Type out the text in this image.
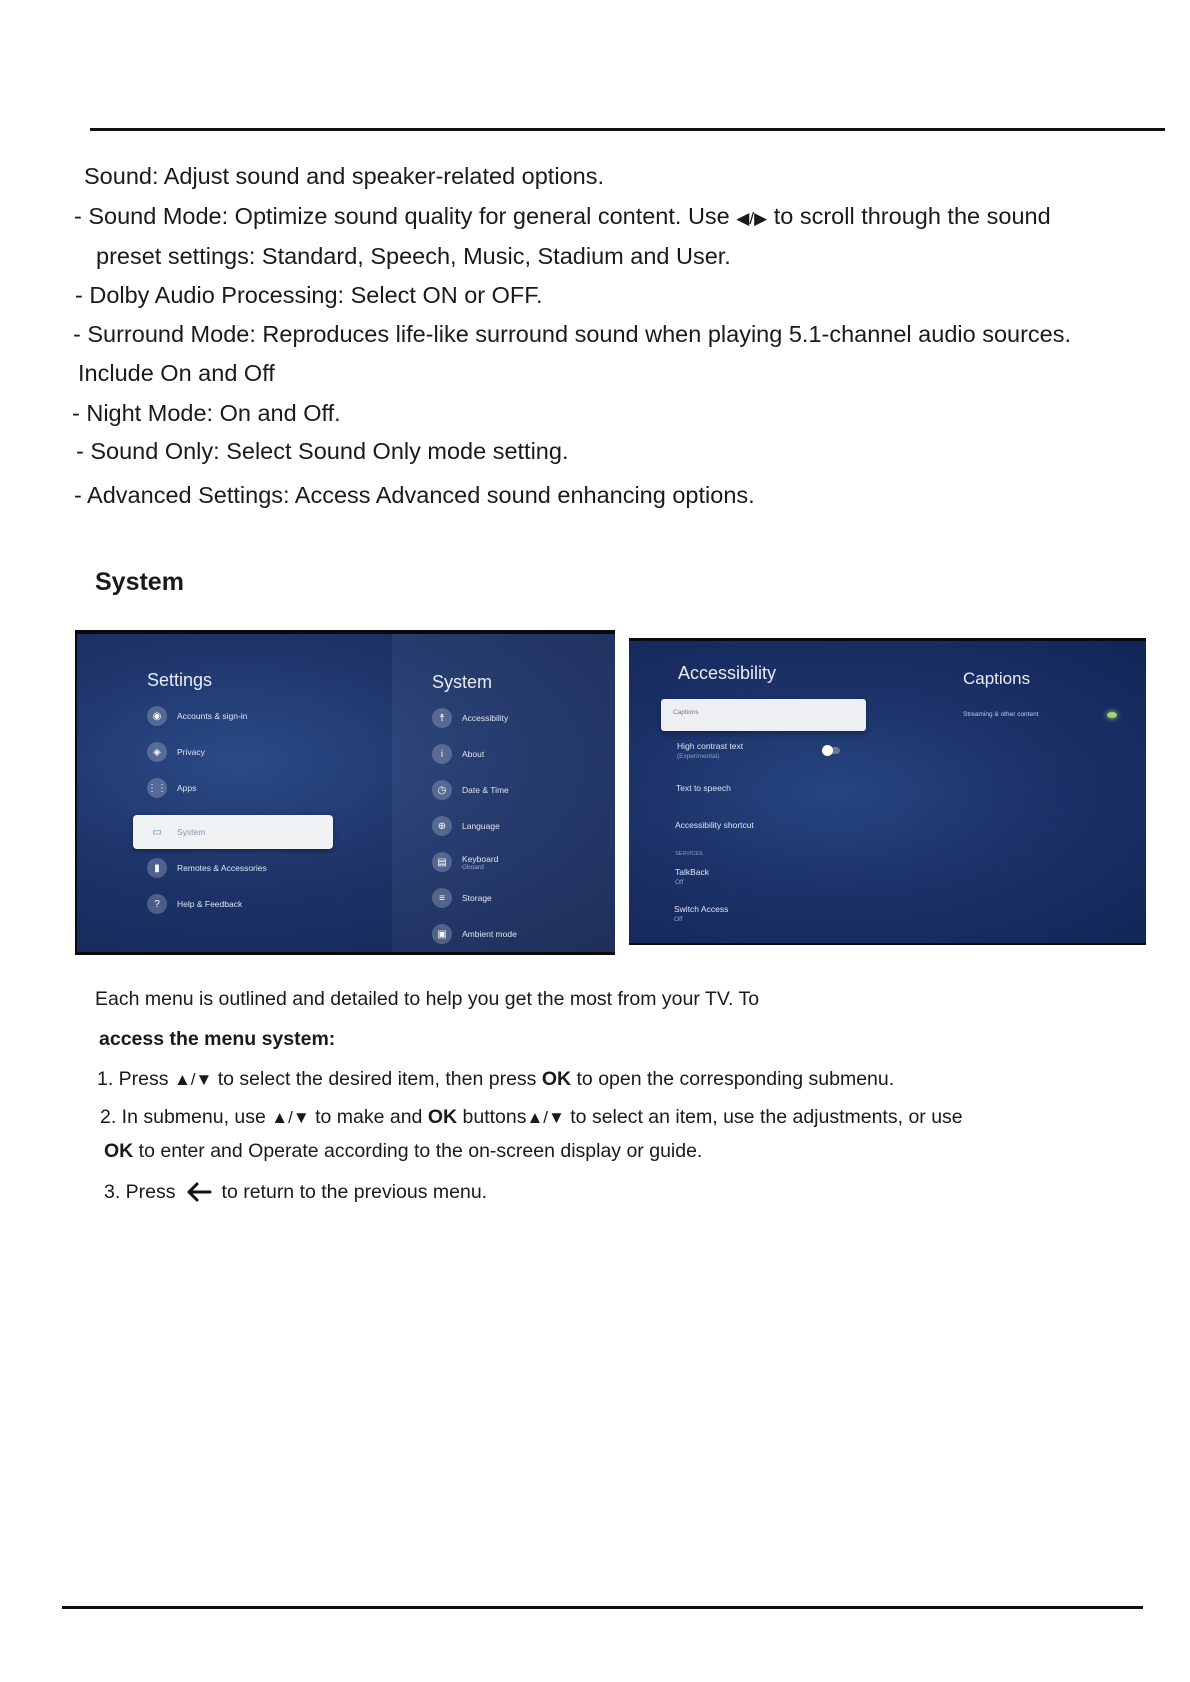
Sound: Adjust sound and speaker-related options.
- Sound Mode: Optimize sound quality for general content. Use ◀/▶ to scroll through the sound
preset settings: Standard, Speech, Music, Stadium and User.
- Dolby Audio Processing: Select ON or OFF.
- Surround Mode: Reproduces life-like surround sound when playing 5.1-channel audio sources.
Include On and Off
- Night Mode: On and Off.
- Sound Only: Select Sound Only mode setting.
- Advanced Settings: Access Advanced sound enhancing options.
System
Settings
◉	Accounts & sign-in
◈	Privacy
⋮⋮ Apps
▭	System
▮	Remotes & Accessories
?	Help & Feedback
System
☨	Accessibility
i	About
◷	Date & Time
⊕	Language
▤	Keyboard
Gboard
≡	Storage
▣	Ambient mode
Accessibility
Captions
High contrast text
(Experimental)
Text to speech
Accessibility shortcut
SERVICES
TalkBack
Off
Switch Access
Off
Captions
Streaming & other content
Each menu is outlined and detailed to help you get the most from your TV. To
access the menu system:
1. Press ▲/▼ to select the desired item, then press OK to open the corresponding submenu.
2. In submenu, use ▲/▼ to make and OK buttons▲/▼ to select an item, use the adjustments, or use
OK to enter and Operate according to the on-screen display or guide.
3. Press to return to the previous menu.
